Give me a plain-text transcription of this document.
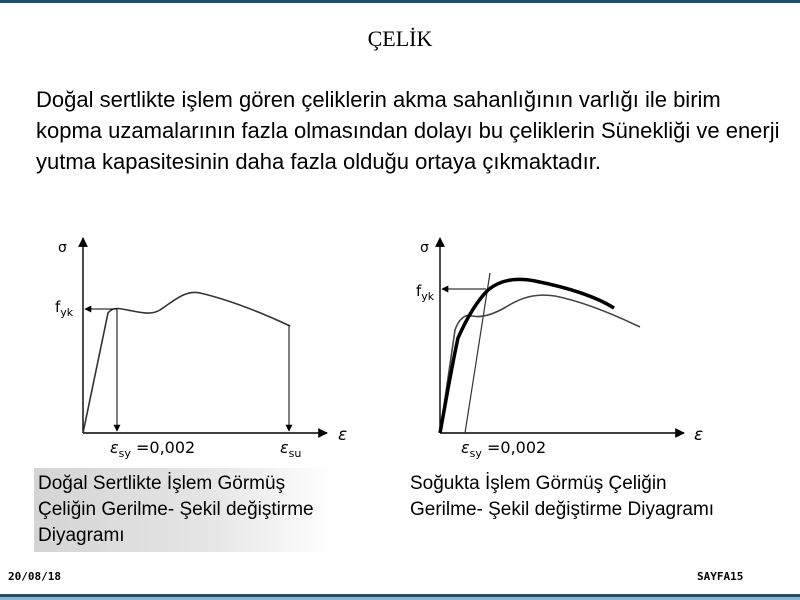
ÇELİK
Doğal sertlikte işlem gören çeliklerin akma sahanlığının varlığı ile birim kopma uzamalarının fazla olmasından dolayı bu çeliklerin Sünekliği ve enerji yutma kapasitesinin daha fazla olduğu ortaya çıkmaktadır.
σ
ε
$f_{yk}$
$\varepsilon_{sy} =0,002$	$\varepsilon_{su}$
σ
ε
$f_{yk}$
$\varepsilon_{sy} =0,002$
Doğal Sertlikte İşlem Görmüş Çeliğin Gerilme- Şekil değiştirme Diyagramı
Soğukta İşlem Görmüş Çeliğin Gerilme- Şekil değiştirme Diyagramı
20/08/18	SAYFA15
